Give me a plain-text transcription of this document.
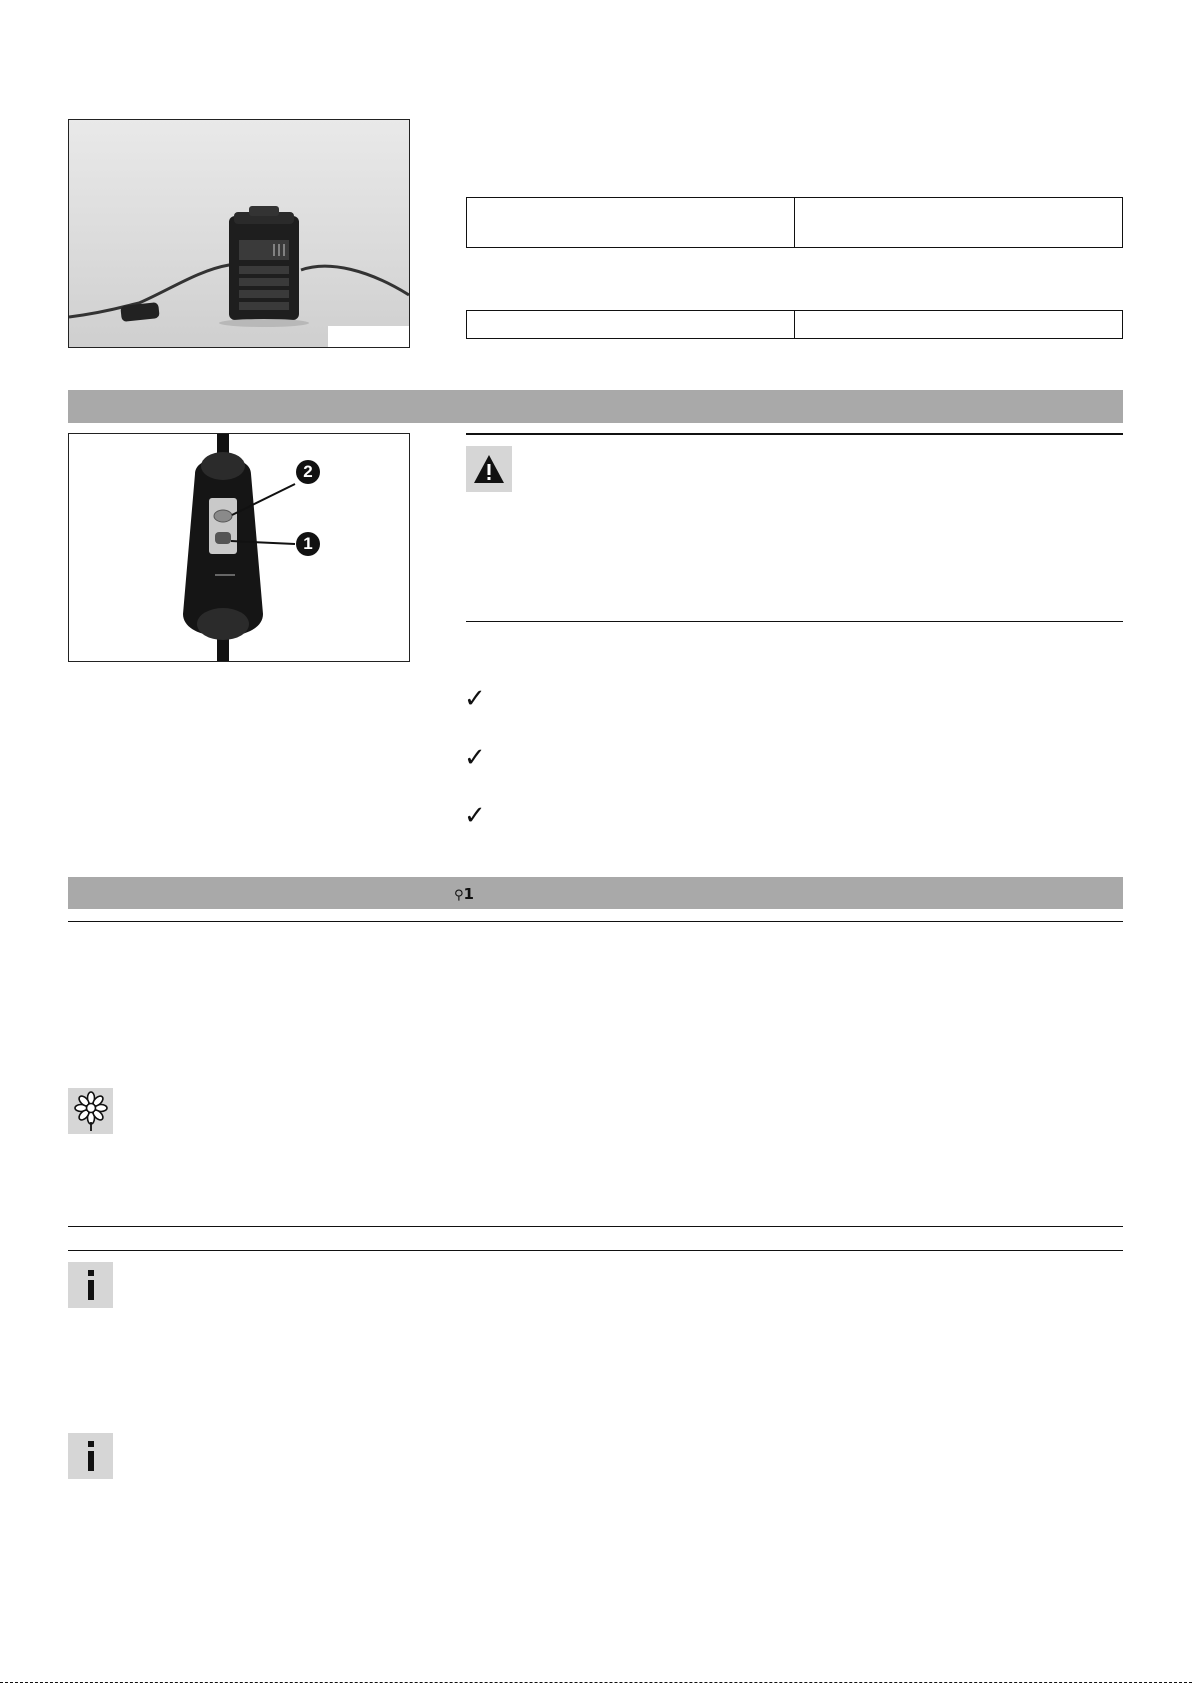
2
1
✓
✓
✓
⚲1
